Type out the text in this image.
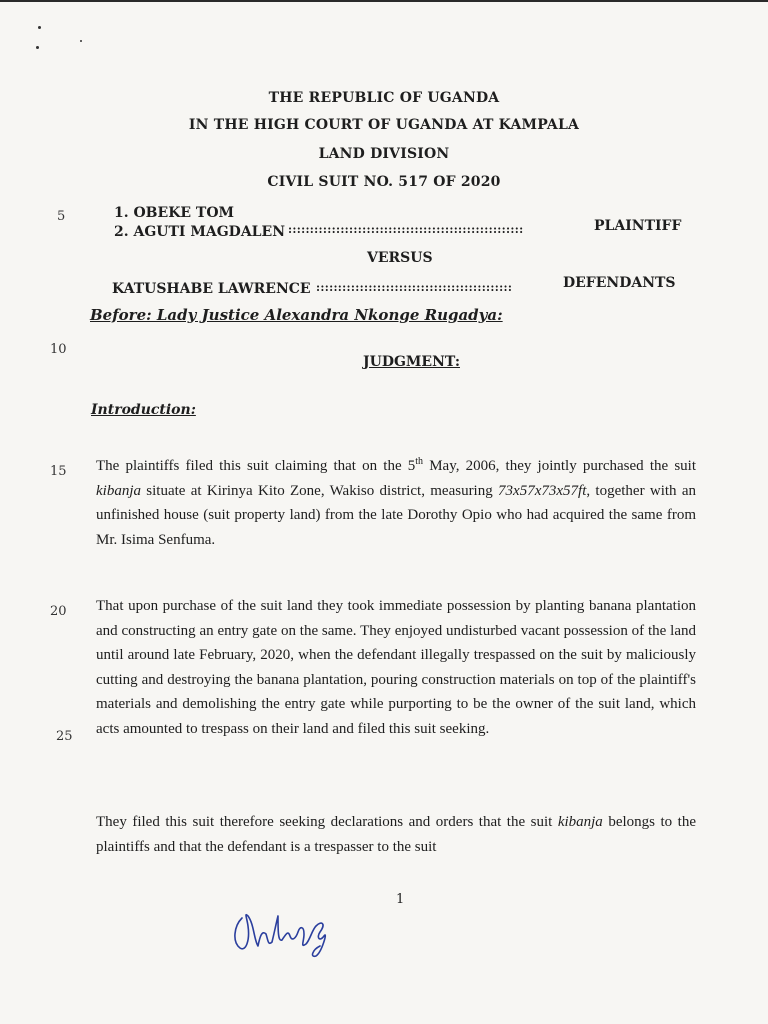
THE REPUBLIC OF UGANDA
IN THE HIGH COURT OF UGANDA AT KAMPALA
LAND DIVISION
CIVIL SUIT NO. 517 OF 2020
5
10
15
20
25
1. OBEKE TOM
2. AGUTI MAGDALEN ::::::::::::::::::::::::::::::::::::::::::::::::::::::	PLAINTIFF
VERSUS
KATUSHABE LAWRENCE :::::::::::::::::::::::::::::::::::::::::::::	DEFENDANTS
Before: Lady Justice Alexandra Nkonge Rugadya:
JUDGMENT:
Introduction:
The plaintiffs filed this suit claiming that on the 5th May, 2006, they jointly purchased the suit kibanja situate at Kirinya Kito Zone, Wakiso district, measuring 73x57x73x57ft, together with an unfinished house (suit property land) from the late Dorothy Opio who had acquired the same from Mr. Isima Senfuma.
That upon purchase of the suit land they took immediate possession by planting banana plantation and constructing an entry gate on the same. They enjoyed undisturbed vacant possession of the land until around late February, 2020, when the defendant illegally trespassed on the suit by maliciously cutting and destroying the banana plantation, pouring construction materials on top of the plaintiff's materials and demolishing the entry gate while purporting to be the owner of the suit land, which acts amounted to trespass on their land and filed this suit seeking.
They filed this suit therefore seeking declarations and orders that the suit kibanja belongs to the plaintiffs and that the defendant is a trespasser to the suit
1
